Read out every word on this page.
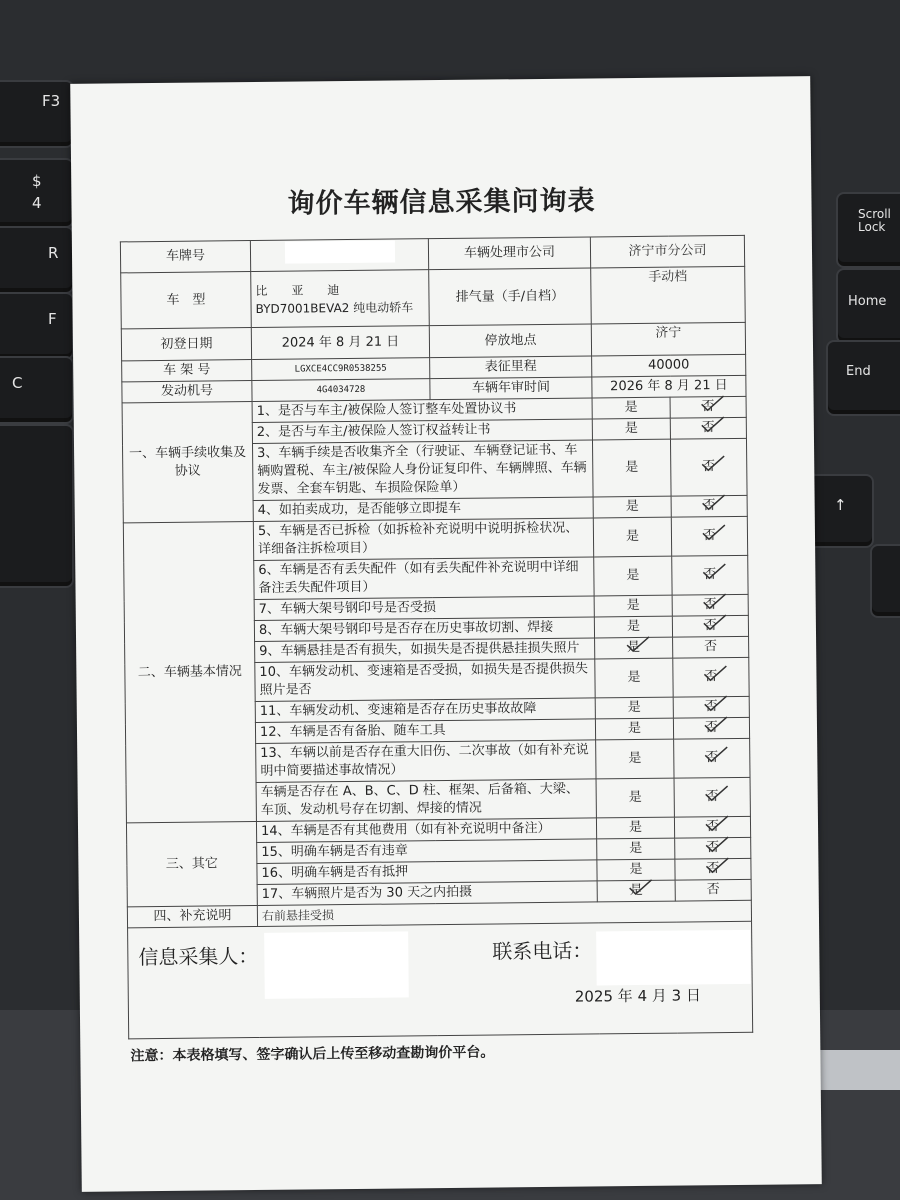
F3
$
4
R
F
C
Scroll Lock
Home
End
↑
询价车辆信息采集问询表
车牌号		车辆处理市公司	济宁市分公司	
车　型	比　　亚　　迪 BYD7001BEVA2 纯电动轿车	排气量（手/自档）	手动档	
初登日期	2024 年 8 月 21 日	停放地点	济宁	
车 架 号	LGXCE4CC9R0538255	表征里程	40000	
发动机号	4G4034728	车辆年审时间	2026 年 8 月 21 日	
一、车辆手续收集及协议	1、是否与车主/被保险人签订整车处置协议书		是	否

	2、是否与车主/被保险人签订权益转让书		是	否

	3、车辆手续是否收集齐全（行驶证、车辆登记证书、车辆购置税、车主/被保险人身份证复印件、车辆牌照、车辆发票、全套车钥匙、车损险保险单）		是	否

	4、如拍卖成功，是否能够立即提车		是	否

二、车辆基本情况	5、车辆是否已拆检（如拆检补充说明中说明拆检状况、详细备注拆检项目）		是	否

	6、车辆是否有丢失配件（如有丢失配件补充说明中详细备注丢失配件项目）		是	否

	7、车辆大架号钢印号是否受损		是	否

	8、车辆大架号钢印号是否存在历史事故切割、焊接		是	否

	9、车辆悬挂是否有损失，如损失是否提供悬挂损失照片		是	否
	10、车辆发动机、变速箱是否受损，如损失是否提供损失照片是否		是	否

	11、车辆发动机、变速箱是否存在历史事故故障		是	否

	12、车辆是否有备胎、随车工具		是	否

	13、车辆以前是否存在重大旧伤、二次事故（如有补充说明中简要描述事故情况）		是	否

	车辆是否存在 A、B、C、D 柱、框架、后备箱、大梁、车顶、发动机号存在切割、焊接的情况		是	否

三、其它	14、车辆是否有其他费用（如有补充说明中备注）		是	否

	15、明确车辆是否有违章		是	否

	16、明确车辆是否有抵押		是	否

	17、车辆照片是否为 30 天之内拍摄		是	否
四、补充说明	右前悬挂受损			

信息采集人： 联系电话：
2025 年 4 月 3 日				
注意：本表格填写、签字确认后上传至移动查勘询价平台。
